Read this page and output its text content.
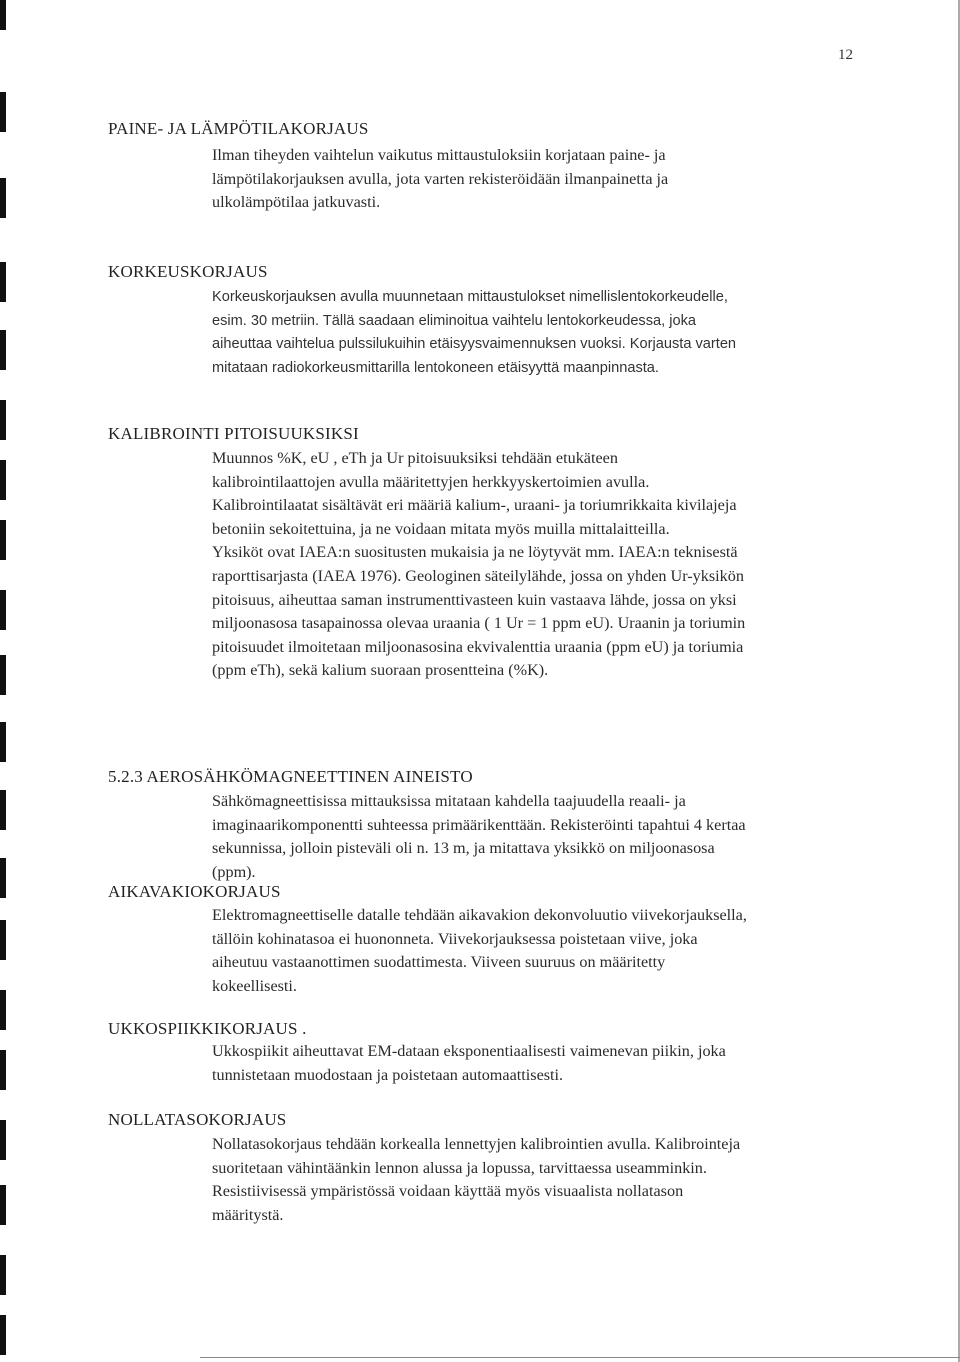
12
PAINE- JA LÄMPÖTILAKORJAUS
Ilman tiheyden vaihtelun vaikutus mittaustuloksiin korjataan paine- ja
lämpötilakorjauksen avulla, jota varten rekisteröidään ilmanpainetta ja
ulkolämpötilaa jatkuvasti.
KORKEUSKORJAUS
Korkeuskorjauksen avulla muunnetaan mittaustulokset nimellislentokorkeudelle,
esim. 30 metriin. Tällä saadaan eliminoitua vaihtelu lentokorkeudessa, joka
aiheuttaa vaihtelua pulssilukuihin etäisyysvaimennuksen vuoksi. Korjausta varten
mitataan radiokorkeusmittarilla lentokoneen etäisyyttä maanpinnasta.
KALIBROINTI PITOISUUKSIKSI
Muunnos %K, eU , eTh ja Ur pitoisuuksiksi tehdään etukäteen
kalibrointilaattojen avulla määritettyjen herkkyyskertoimien avulla.
Kalibrointilaatat sisältävät eri määriä kalium-, uraani- ja toriumrikkaita kivilajeja
betoniin sekoitettuina, ja ne voidaan mitata myös muilla mittalaitteilla.
Yksiköt ovat IAEA:n suositusten mukaisia ja ne löytyvät mm. IAEA:n teknisestä
raporttisarjasta (IAEA 1976). Geologinen säteilylähde, jossa on yhden Ur-yksikön
pitoisuus, aiheuttaa saman instrumenttivasteen kuin vastaava lähde, jossa on yksi
miljoonasosa tasapainossa olevaa uraania ( 1 Ur = 1 ppm eU). Uraanin ja toriumin
pitoisuudet ilmoitetaan miljoonasosina ekvivalenttia uraania (ppm eU) ja toriumia
(ppm eTh), sekä kalium suoraan prosentteina (%K).
5.2.3 AEROSÄHKÖMAGNEETTINEN AINEISTO
Sähkömagneettisissa mittauksissa mitataan kahdella taajuudella reaali- ja
imaginaarikomponentti suhteessa primäärikenttään. Rekisteröinti tapahtui 4 kertaa
sekunnissa, jolloin pisteväli oli n. 13 m, ja mitattava yksikkö on miljoonasosa
(ppm).
AIKAVAKIOKORJAUS
Elektromagneettiselle datalle tehdään aikavakion dekonvoluutio viivekorjauksella,
tällöin kohinatasoa ei huononneta. Viivekorjauksessa poistetaan viive, joka
aiheutuu vastaanottimen suodattimesta. Viiveen suuruus on määritetty
kokeellisesti.
UKKOSPIIKKIKORJAUS .
Ukkospiikit aiheuttavat EM-dataan eksponentiaalisesti vaimenevan piikin, joka
tunnistetaan muodostaan ja poistetaan automaattisesti.
NOLLATASOKORJAUS
Nollatasokorjaus tehdään korkealla lennettyjen kalibrointien avulla. Kalibrointeja
suoritetaan vähintäänkin lennon alussa ja lopussa, tarvittaessa useamminkin.
Resistiivisessä ympäristössä voidaan käyttää myös visuaalista nollatason
määritystä.
